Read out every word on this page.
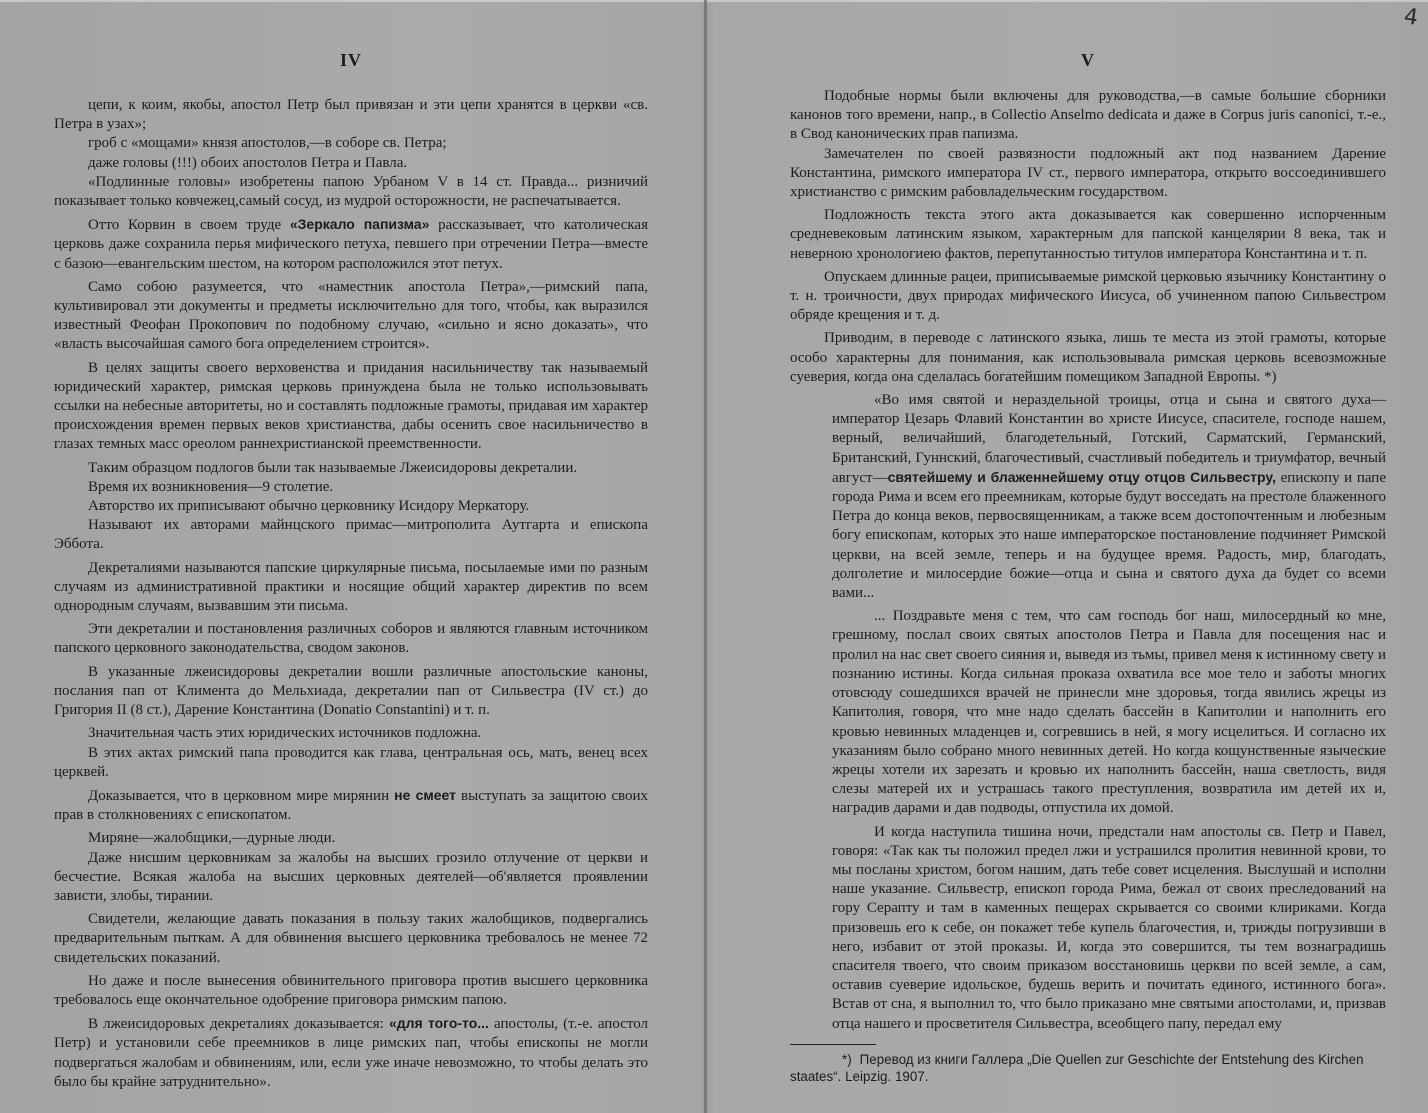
4
IV

цепи, к коим, якобы, апостол Петр был привязан и эти цепи хранятся в церкви «св. Петра в узах»;

гроб с «мощами» князя апостолов,—в соборе св. Петра;

даже головы (!!!) обоих апостолов Петра и Павла.

«Подлинные головы» изобретены папою Урбаном V в 14 ст. Правда... ризничий показывает только ковчежец,самый сосуд, из мудрой осторожности, не распечатывается.

Отто Корвин в своем труде «Зеркало папизма» рассказывает, что католическая церковь даже сохранила перья мифического петуха, певшего при отречении Петра—вместе с базою—евангельским шестом, на котором расположился этот петух.

Само собою разумеется, что «наместник апостола Петра»,—римский папа, культивировал эти документы и предметы исключительно для того, чтобы, как выразился известный Феофан Прокопович по подобному случаю, «сильно и ясно доказать», что «власть высочайшая самого бога определением строится».

В целях защиты своего верховенства и придания насильничеству так называемый юридический характер, римская церковь принуждена была не только использовывать ссылки на небесные авторитеты, но и составлять подложные грамоты, придавая им характер происхождения времен первых веков христианства, дабы осенить свое насильничество в глазах темных масс ореолом раннехристианской преемственности.

Таким образцом подлогов были так называемые Лжеисидоровы декреталии.

Время их возникновения—9 столетие.

Авторство их приписывают обычно церковнику Исидору Меркатору.

Называют их авторами майнцского примас—митрополита Аутгарта и епископа Эббота.

Декреталиями называются папские циркулярные письма, посылаемые ими по разным случаям из административной практики и носящие общий характер директив по всем однородным случаям, вызвавшим эти письма.

Эти декреталии и постановления различных соборов и являются главным источником папского церковного законодательства, сводом законов.

В указанные лжеисидоровы декреталии вошли различные апостольские каноны, послания пап от Климента до Мельхиада, декреталии пап от Сильвестра (IV ст.) до Григория II (8 ст.), Дарение Константина (Donatio Constantini) и т. п.

Значительная часть этих юридических источников подложна.

В этих актах римский папа проводится как глава, центральная ось, мать, венец всех церквей.

Доказывается, что в церковном мире мирянин не смеет выступать за защитою своих прав в столкновениях с епископатом.

Миряне—жалобщики,—дурные люди.

Даже нисшим церковникам за жалобы на высших грозило отлучение от церкви и бесчестие. Всякая жалоба на высших церковных деятелей—об'является проявлении зависти, злобы, тирании.

Свидетели, желающие давать показания в пользу таких жалобщиков, подвергались предварительным пыткам. А для обвинения высшего церковника требовалось не менее 72 свидетельских показаний.

Но даже и после вынесения обвинительного приговора против высшего церковника требовалось еще окончательное одобрение приговора римским папою.

В лжеисидоровых декреталиях доказывается: «для того-то... апостолы, (т.-е. апостол Петр) и установили себе преемников в лице римских пап, чтобы епископы не могли подвергаться жалобам и обвинениям, или, если уже иначе невозможно, то чтобы делать это было бы крайне затруднительно».

V

Подобные нормы были включены для руководства,—в самые большие сборники канонов того времени, напр., в Collectio Anselmo dedicata и даже в Corpus juris canonici, т.-е., в Свод канонических прав папизма.

Замечателен по своей развязности подложный акт под названием Дарение Константина, римского императора IV ст., первого императора, открыто воссоединившего христианство с римским рабовладельческим государством.

Подложность текста этого акта доказывается как совершенно испорченным средневековым латинским языком, характерным для папской канцелярии 8 века, так и неверною хронологиею фактов, перепутанностью титулов императора Константина и т. п.

Опускаем длинные рацеи, приписываемые римской церковью язычнику Константину о т. н. троичности, двух природах мифического Иисуса, об учиненном папою Сильвестром обряде крещения и т. д.

Приводим, в переводе с латинского языка, лишь те места из этой грамоты, которые особо характерны для понимания, как использовывала римская церковь всевозможные суеверия, когда она сделалась богатейшим помещиком Западной Европы. *)

«Во имя святой и нераздельной троицы, отца и сына и святого духа—император Цезарь Флавий Константин во христе Иисусе, спасителе, господе нашем, верный, величайший, благодетельный, Готский, Сарматский, Германский, Британский, Гуннский, благочестивый, счастливый победитель и триумфатор, вечный август—святейшему и блаженнейшему отцу отцов Сильвестру, епископу и папе города Рима и всем его преемникам, которые будут восседать на престоле блаженного Петра до конца веков, первосвященникам, а также всем достопочтенным и любезным богу епископам, которых это наше императорское постановление подчиняет Римской церкви, на всей земле, теперь и на будущее время. Радость, мир, благодать, долголетие и милосердие божие—отца и сына и святого духа да будет со всеми вами...

... Поздравьте меня с тем, что сам господь бог наш, милосердный ко мне, грешному, послал своих святых апостолов Петра и Павла для посещения нас и пролил на нас свет своего сияния и, выведя из тьмы, привел меня к истинному свету и познанию истины. Когда сильная проказа охватила все мое тело и заботы многих отовсюду сошедшихся врачей не принесли мне здоровья, тогда явились жрецы из Капитолия, говоря, что мне надо сделать бассейн в Капитолии и наполнить его кровью невинных младенцев и, согревшись в ней, я могу исцелиться. И согласно их указаниям было собрано много невинных детей. Но когда кощунственные языческие жрецы хотели их зарезать и кровью их наполнить бассейн, наша светлость, видя слезы матерей их и устрашась такого преступления, возвратила им детей их и, наградив дарами и дав подводы, отпустила их домой.

И когда наступила тишина ночи, предстали нам апостолы св. Петр и Павел, говоря: «Так как ты положил предел лжи и устрашился пролития невинной крови, то мы посланы христом, богом нашим, дать тебе совет исцеления. Выслушай и исполни наше указание. Сильвестр, епископ города Рима, бежал от своих преследований на гору Серапту и там в каменных пещерах скрывается со своими клириками. Когда призовешь его к себе, он покажет тебе купель благочестия, и, трижды погрузивши в него, избавит от этой проказы. И, когда это совершится, ты тем вознаградишь спасителя твоего, что своим приказом восстановишь церкви по всей земле, а сам, оставив суеверие идольское, будешь верить и почитать единого, истинного бога». Встав от сна, я выполнил то, что было приказано мне святыми апостолами, и, призвав отца нашего и просветителя Сильвестра, всеобщего папу, передал ему

*) Перевод из книги Галлера „Die Quellen zur Geschichte der Entstehung des Kirchen staates“. Leipzig. 1907.
